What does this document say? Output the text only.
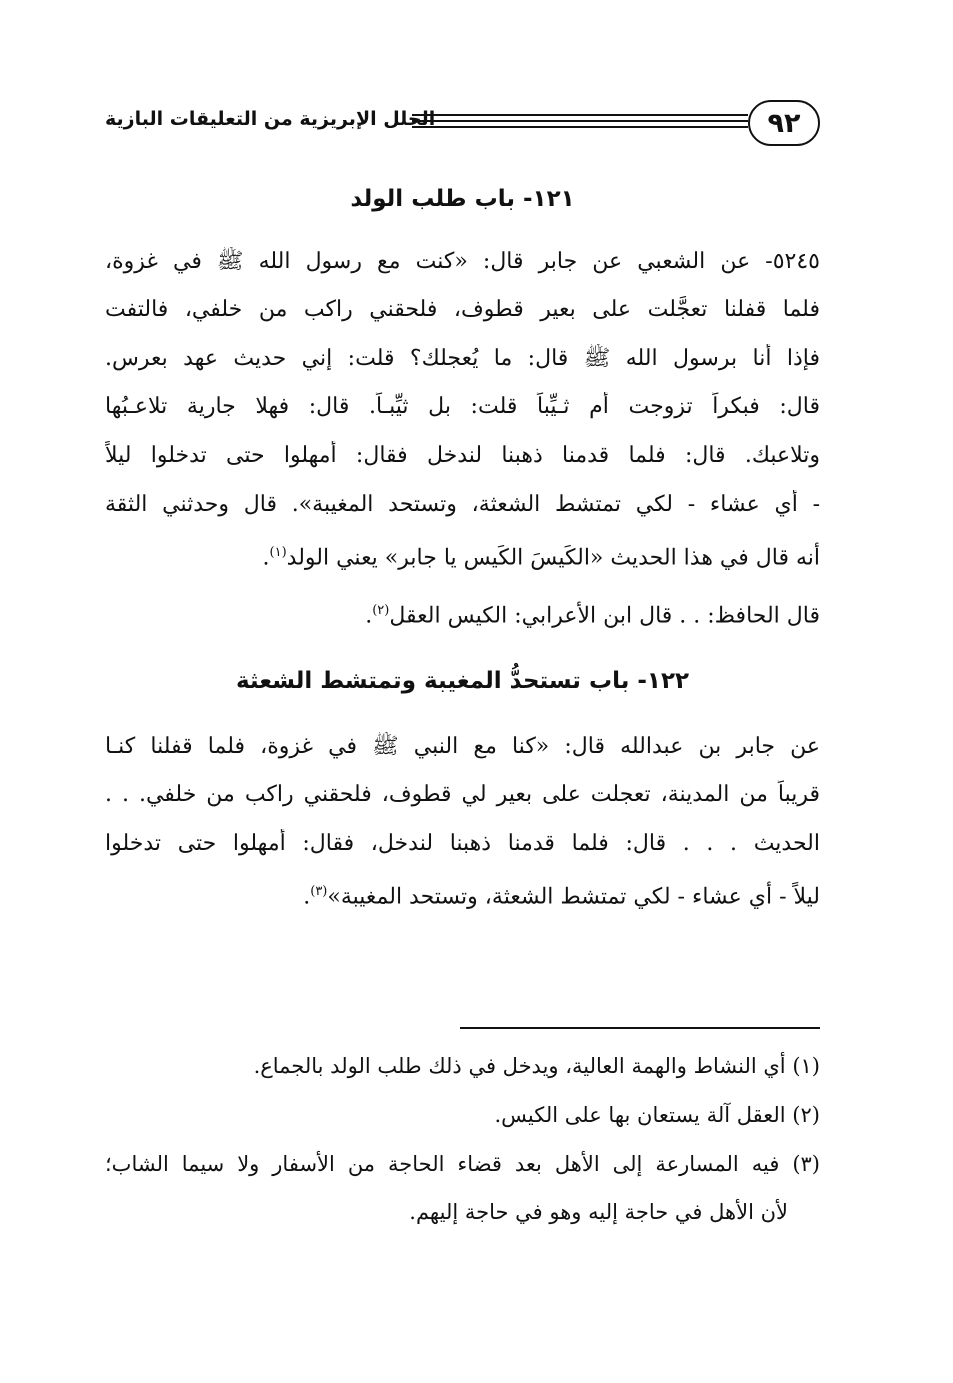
٩٢
الحلل الإبريزية من التعليقات البازية
١٢١- باب طلب الولد
٥٢٤٥- عن الشعبي عن جابر قال: «كنت مع رسول الله ﷺ في غزوة،
فلما قفلنا تعجَّلت على بعير قطوف، فلحقني راكب من خلفي، فالتفت
فإذا أنا برسول الله ﷺ قال: ما يُعجلك؟ قلت: إني حديث عهد بعرس.
قال: فبكراً تزوجت أم ثـيِّباً قلت: بل ثيِّبـاً. قال: فهلا جارية تلاعـبُها
وتلاعبك. قال: فلما قدمنا ذهبنا لندخل فقال: أمهلوا حتى تدخلوا ليلاً
- أي عشاء - لكي تمتشط الشعثة، وتستحد المغيبة». قال وحدثني الثقة
أنه قال في هذا الحديث «الكَيسَ الكَيس يا جابر» يعني الولد$^{(١)}$.
قال الحافظ: . . قال ابن الأعرابي: الكيس العقل$^{(٢)}$.
١٢٢- باب تستحدُّ المغيبة وتمتشط الشعثة
عن جابر بن عبدالله قال: «كنا مع النبي ﷺ في غزوة، فلما قفلنا كنـا
قريباً من المدينة، تعجلت على بعير لي قطوف، فلحقني راكب من خلفي. . .
الحديث . . . قال: فلما قدمنا ذهبنا لندخل، فقال: أمهلوا حتى تدخلوا
ليلاً - أي عشاء - لكي تمتشط الشعثة، وتستحد المغيبة»$^{(٣)}$.
(١) أي النشاط والهمة العالية، ويدخل في ذلك طلب الولد بالجماع.
(٢) العقل آلة يستعان بها على الكيس.
(٣) فيه المسارعة إلى الأهل بعد قضاء الحاجة من الأسفار ولا سيما الشاب؛
لأن الأهل في حاجة إليه وهو في حاجة إليهم.
